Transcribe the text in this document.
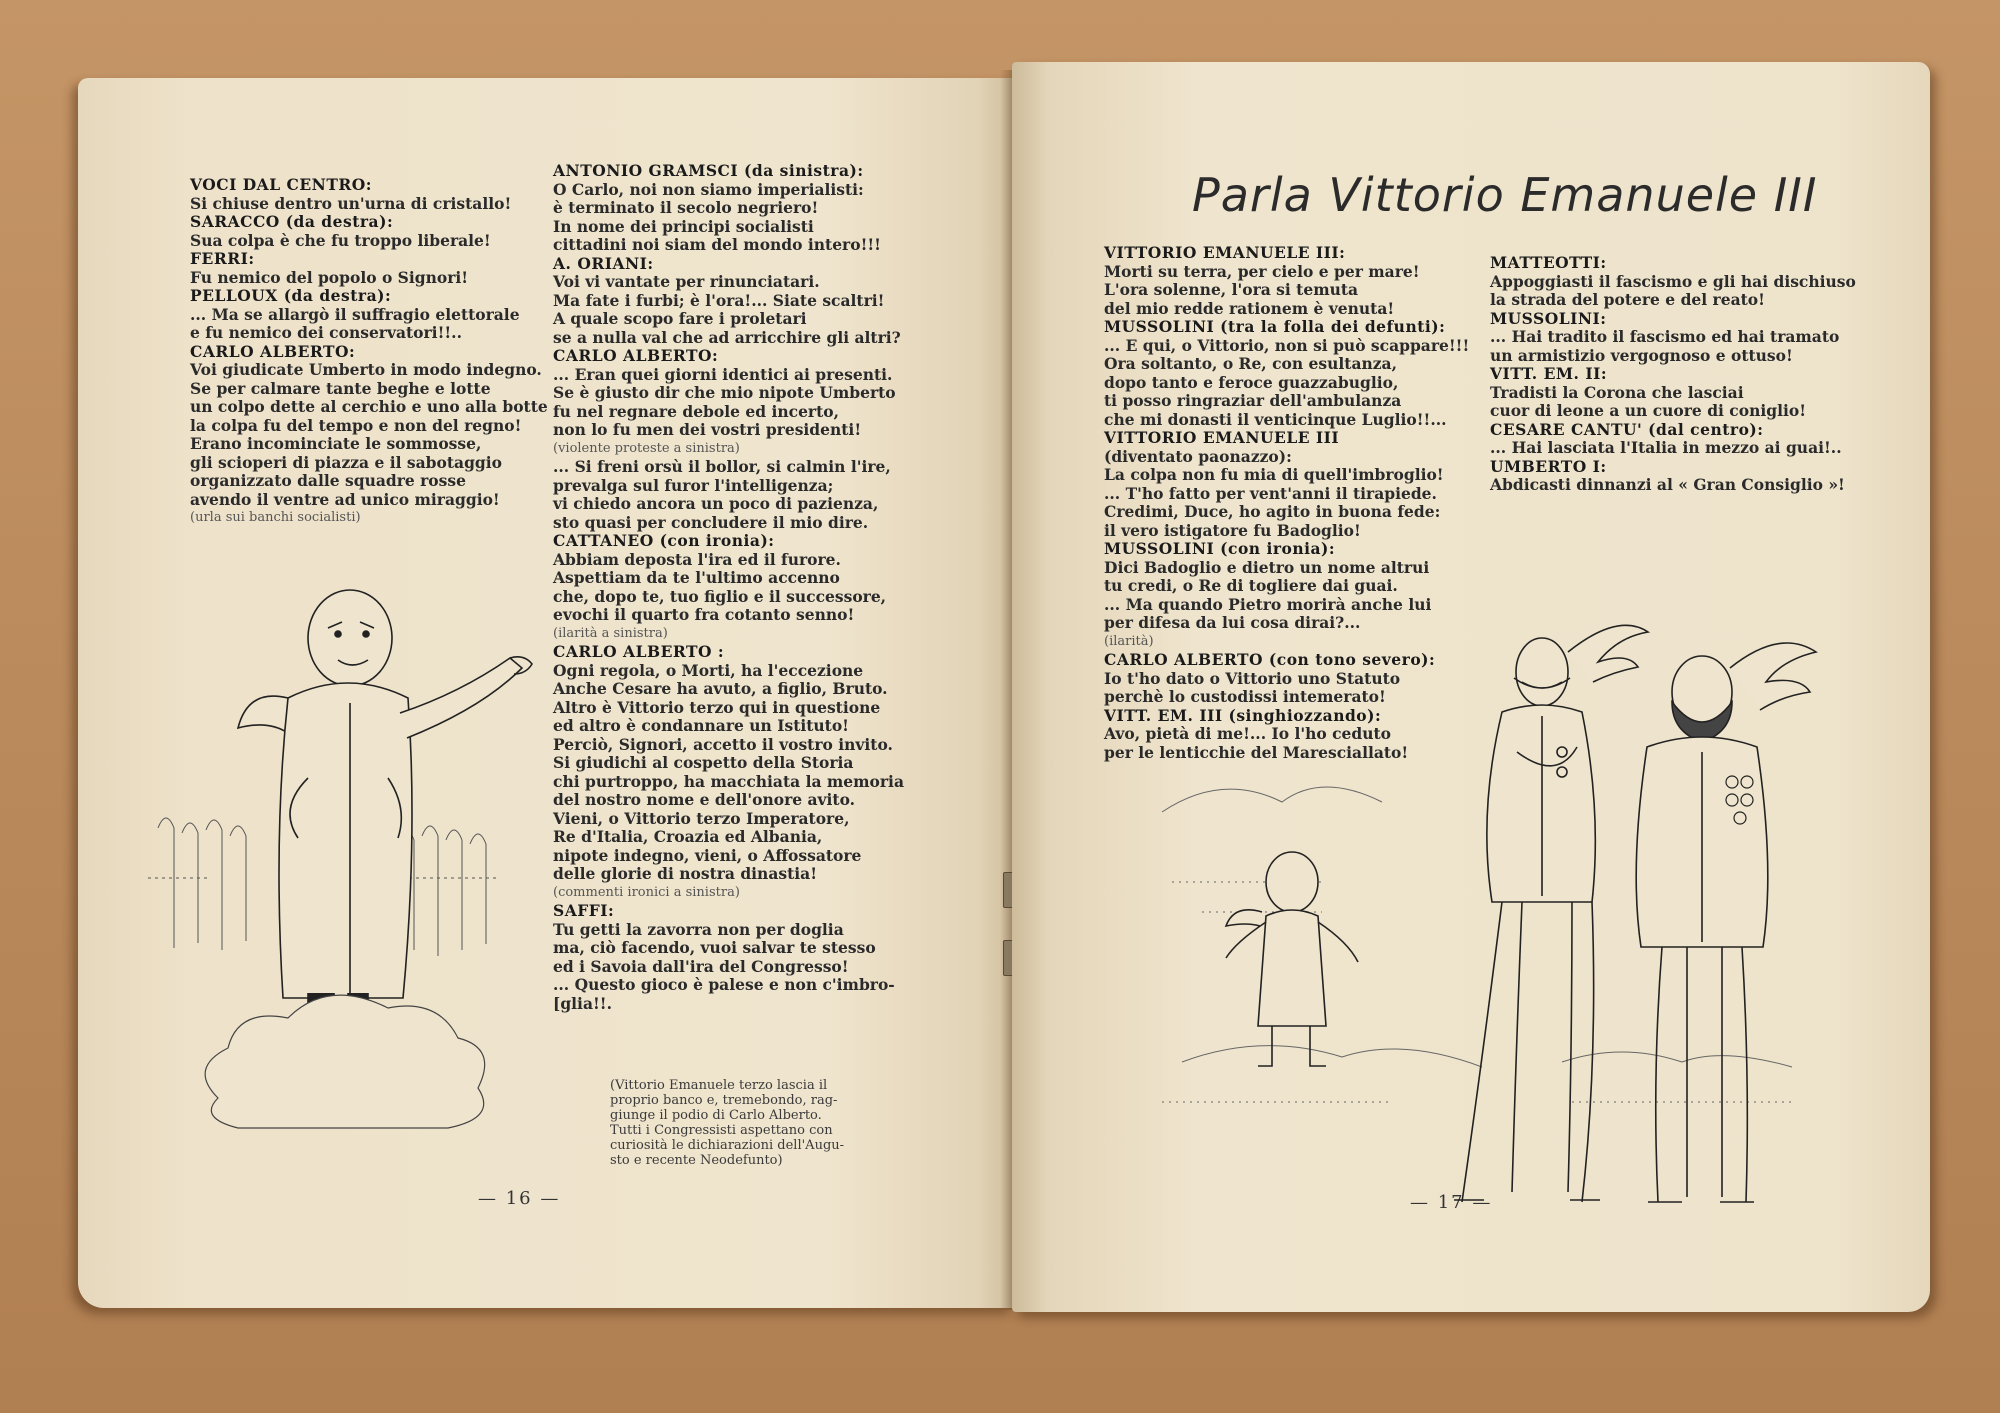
VOCI DAL CENTRO:

Si chiuse dentro un'urna di cristallo!

SARACCO (da destra):

Sua colpa è che fu troppo liberale!

FERRI:

Fu nemico del popolo o Signori!

PELLOUX (da destra):

... Ma se allargò il suffragio elettorale

e fu nemico dei conservatori!!..

CARLO ALBERTO:

Voi giudicate Umberto in modo indegno.

Se per calmare tante beghe e lotte

un colpo dette al cerchio e uno alla botte

la colpa fu del tempo e non del regno!

Erano incominciate le sommosse,

gli scioperi di piazza e il sabotaggio

organizzato dalle squadre rosse

avendo il ventre ad unico miraggio!

(urla sui banchi socialisti)

ANTONIO GRAMSCI (da sinistra):

O Carlo, noi non siamo imperialisti:

è terminato il secolo negriero!

In nome dei principi socialisti

cittadini noi siam del mondo intero!!!

A. ORIANI:

Voi vi vantate per rinunciatari.

Ma fate i furbi; è l'ora!... Siate scaltri!

A quale scopo fare i proletari

se a nulla val che ad arricchire gli altri?

CARLO ALBERTO:

... Eran quei giorni identici ai presenti.

Se è giusto dir che mio nipote Umberto

fu nel regnare debole ed incerto,

non lo fu men dei vostri presidenti!

(violente proteste a sinistra)

... Si freni orsù il bollor, si calmin l'ire,

prevalga sul furor l'intelligenza;

vi chiedo ancora un poco di pazienza,

sto quasi per concludere il mio dire.

CATTANEO (con ironia):

Abbiam deposta l'ira ed il furore.

Aspettiam da te l'ultimo accenno

che, dopo te, tuo figlio e il successore,

evochi il quarto fra cotanto senno!

(ilarità a sinistra)

CARLO ALBERTO :

Ogni regola, o Morti, ha l'eccezione

Anche Cesare ha avuto, a figlio, Bruto.

Altro è Vittorio terzo qui in questione

ed altro è condannare un Istituto!

Perciò, Signori, accetto il vostro invito.

Si giudichi al cospetto della Storia

chi purtroppo, ha macchiata la memoria

del nostro nome e dell'onore avito.

Vieni, o Vittorio terzo Imperatore,

Re d'Italia, Croazia ed Albania,

nipote indegno, vieni, o Affossatore

delle glorie di nostra dinastia!

(commenti ironici a sinistra)

SAFFI:

Tu getti la zavorra non per doglia

ma, ciò facendo, vuoi salvar te stesso

ed i Savoia dall'ira del Congresso!

... Questo gioco è palese e non c'imbro-

[glia!!.

(Vittorio Emanuele terzo lascia il
proprio banco e, tremebondo, rag-
giunge il podio di Carlo Alberto.
Tutti i Congressisti aspettano con
curiosità le dichiarazioni dell'Augu-
sto e recente Neodefunto)
— 16 —
Parla Vittorio Emanuele III

VITTORIO EMANUELE III:

Morti su terra, per cielo e per mare!

L'ora solenne, l'ora si temuta

del mio redde rationem è venuta!

MUSSOLINI (tra la folla dei defunti):

... E qui, o Vittorio, non si può scappare!!!

Ora soltanto, o Re, con esultanza,

dopo tanto e feroce guazzabuglio,

ti posso ringraziar dell'ambulanza

che mi donasti il venticinque Luglio!!...

VITTORIO EMANUELE III

(diventato paonazzo):

La colpa non fu mia di quell'imbroglio!

... T'ho fatto per vent'anni il tirapiede.

Credimi, Duce, ho agito in buona fede:

il vero istigatore fu Badoglio!

MUSSOLINI (con ironia):

Dici Badoglio e dietro un nome altrui

tu credi, o Re di togliere dai guai.

... Ma quando Pietro morirà anche lui

per difesa da lui cosa dirai?...

(ilarità)

CARLO ALBERTO (con tono severo):

Io t'ho dato o Vittorio uno Statuto

perchè lo custodissi intemerato!

VITT. EM. III (singhiozzando):

Avo, pietà di me!... Io l'ho ceduto

per le lenticchie del Maresciallato!

MATTEOTTI:

Appoggiasti il fascismo e gli hai dischiuso

la strada del potere e del reato!

MUSSOLINI:

... Hai tradito il fascismo ed hai tramato

un armistizio vergognoso e ottuso!

VITT. EM. II:

Tradisti la Corona che lasciai

cuor di leone a un cuore di coniglio!

CESARE CANTU' (dal centro):

... Hai lasciata l'Italia in mezzo ai guai!..

UMBERTO I:

Abdicasti dinnanzi al « Gran Consiglio »!

— 17 —
